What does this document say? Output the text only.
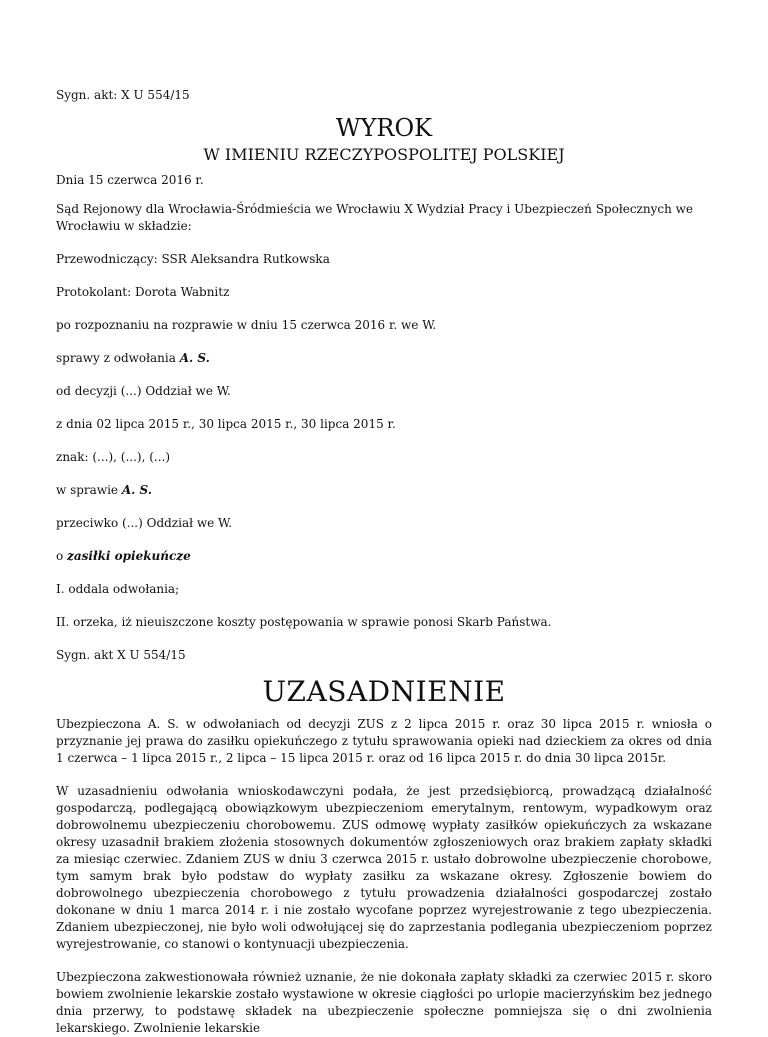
Sygn. akt: X U 554/15

WYROK
W IMIENIU RZECZYPOSPOLITEJ POLSKIEJ

Dnia 15 czerwca 2016 r.

Sąd Rejonowy dla Wrocławia-Śródmieścia we Wrocławiu X Wydział Pracy i Ubezpieczeń Społecznych we Wrocławiu w składzie:

Przewodniczący: SSR Aleksandra Rutkowska

Protokolant: Dorota Wabnitz

po rozpoznaniu na rozprawie w dniu 15 czerwca 2016 r. we W.

sprawy z odwołania A. S.

od decyzji (...) Oddział we W.

z dnia 02 lipca 2015 r., 30 lipca 2015 r., 30 lipca 2015 r.

znak: (...), (...), (...)

w sprawie A. S.

przeciwko (...) Oddział we W.

o zasiłki opiekuńcze

I. oddala odwołania;

II. orzeka, iż nieuiszczone koszty postępowania w sprawie ponosi Skarb Państwa.

Sygn. akt X U 554/15

UZASADNIENIE

Ubezpieczona A. S. w odwołaniach od decyzji ZUS z 2 lipca 2015 r. oraz 30 lipca 2015 r. wniosła o przyznanie jej prawa do zasiłku opiekuńczego z tytułu sprawowania opieki nad dzieckiem za okres od dnia 1 czerwca – 1 lipca 2015 r., 2 lipca – 15 lipca 2015 r. oraz od 16 lipca 2015 r. do dnia 30 lipca 2015r.

W uzasadnieniu odwołania wnioskodawczyni podała, że jest przedsiębiorcą, prowadzącą działalność gospodarczą, podlegającą obowiązkowym ubezpieczeniom emerytalnym, rentowym, wypadkowym oraz dobrowolnemu ubezpieczeniu chorobowemu. ZUS odmowę wypłaty zasiłków opiekuńczych za wskazane okresy uzasadnił brakiem złożenia stosownych dokumentów zgłoszeniowych oraz brakiem zapłaty składki za miesiąc czerwiec. Zdaniem ZUS w dniu 3 czerwca 2015 r. ustało dobrowolne ubezpieczenie chorobowe, tym samym brak było podstaw do wypłaty zasiłku za wskazane okresy. Zgłoszenie bowiem do dobrowolnego ubezpieczenia chorobowego z tytułu prowadzenia działalności gospodarczej zostało dokonane w dniu 1 marca 2014 r. i nie zostało wycofane poprzez wyrejestrowanie z tego ubezpieczenia. Zdaniem ubezpieczonej, nie było woli odwołującej się do zaprzestania podlegania ubezpieczeniom poprzez wyrejestrowanie, co stanowi o kontynuacji ubezpieczenia.

Ubezpieczona zakwestionowała również uznanie, że nie dokonała zapłaty składki za czerwiec 2015 r. skoro bowiem zwolnienie lekarskie zostało wystawione w okresie ciągłości po urlopie macierzyńskim bez jednego dnia przerwy, to podstawę składek na ubezpieczenie społeczne pomniejsza się o dni zwolnienia lekarskiego. Zwolnienie lekarskie
